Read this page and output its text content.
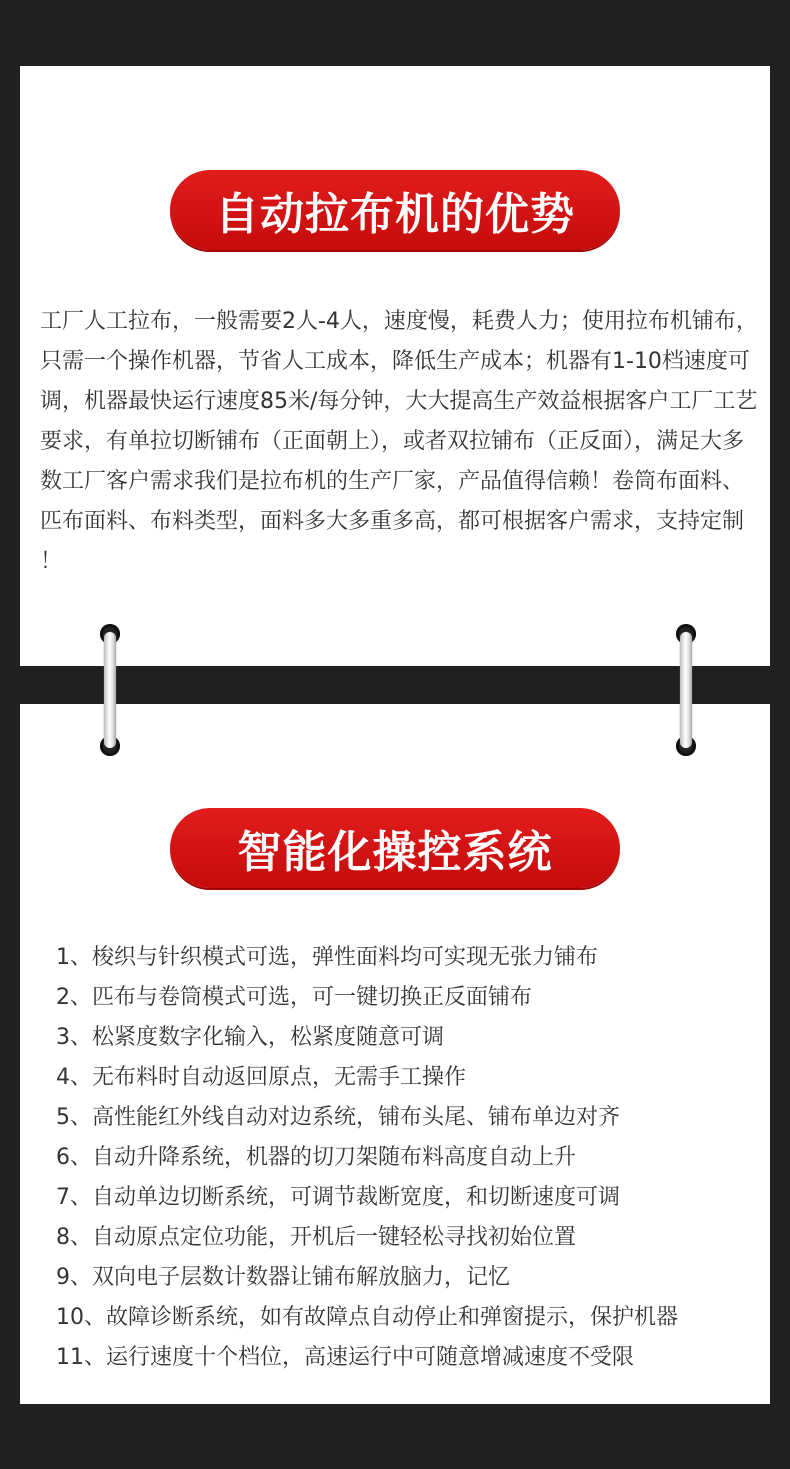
自动拉布机的优势

工厂人工拉布，一般需要2人-4人，速度慢，耗费人力；使用拉布机铺布，只需一个操作机器，节省人工成本，降低生产成本；机器有1-10档速度可调，机器最快运行速度85米/每分钟，大大提高生产效益根据客户工厂工艺要求，有单拉切断铺布（正面朝上），或者双拉铺布（正反面），满足大多数工厂客户需求我们是拉布机的生产厂家，产品值得信赖！卷筒布面料、匹布面料、布料类型，面料多大多重多高，都可根据客户需求，支持定制 ！

智能化操控系统
1、梭织与针织模式可选，弹性面料均可实现无张力铺布
2、匹布与卷筒模式可选，可一键切换正反面铺布
3、松紧度数字化输入，松紧度随意可调
4、无布料时自动返回原点，无需手工操作
5、高性能红外线自动对边系统，铺布头尾、铺布单边对齐
6、自动升降系统，机器的切刀架随布料高度自动上升
7、自动单边切断系统，可调节裁断宽度，和切断速度可调
8、自动原点定位功能，开机后一键轻松寻找初始位置
9、双向电子层数计数器让铺布解放脑力，记忆
10、故障诊断系统，如有故障点自动停止和弹窗提示，保护机器
11、运行速度十个档位，高速运行中可随意增减速度不受限
